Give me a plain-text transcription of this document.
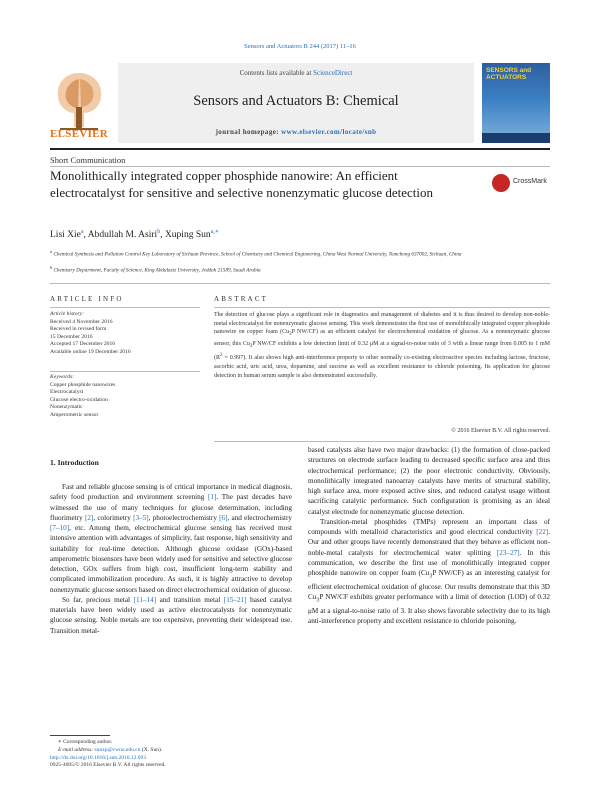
Sensors and Actuators B 244 (2017) 11–16
ELSEVIER
Contents lists available at ScienceDirect
Sensors and Actuators B: Chemical
journal homepage: www.elsevier.com/locate/snb
SENSORS and ACTUATORS
Short Communication
Monolithically integrated copper phosphide nanowire: An efficient electrocatalyst for sensitive and selective nonenzymatic glucose detection
CrossMark
Lisi Xie$^a$, Abdullah M. Asiri$^b$, Xuping Sun$^{a,∗}$
$^a$ Chemical Synthesis and Pollution Control Key Laboratory of Sichuan Province, School of Chemistry and Chemical Engineering, China West Normal University, Nanchong 637002, Sichuan, China
$^b$ Chemistry Department, Faculty of Science, King Abdulaziz University, Jeddah 21589, Saudi Arabia
ARTICLE INFO	ABSTRACT
Article history:
Received 4 November 2016
Received in revised form
15 December 2016
Accepted 17 December 2016
Available online 19 December 2016
Keywords:
Copper phosphide nanowires
Electrocatalyst
Glucose electro-oxidation
Nonenzymatic
Amperometric sensor
The detection of glucose plays a significant role in diagnostics and management of diabetes and it is thus desired to develop non-noble-metal electrocatalyst for nonenzymatic glucose sensing. This work demonstrates the first use of monolithically integrated copper phosphide nanowire on copper foam ($Cu_3P$ NW/CF) as an efficient catalyst for electrochemical oxidation of glucose. As a nonenzymatic glucose sensor, this $Cu_3P$ NW/CF exhibits a low detection limit of 0.32 μM at a signal-to-noise ratio of 3 with a linear range from 0.005 to 1 mM $(R^2 = 0.997)$. It also shows high anti-interference property to other normally co-existing electroactive species including lactose, fructose, ascorbic acid, uric acid, urea, dopamine, and sucorse as well as excellent resistance to chloride poisoning. Its application for glucose detection in human serum sample is also demonstrated successfully.
© 2016 Elsevier B.V. All rights reserved.

1. Introduction

Fast and reliable glucose sensing is of critical importance in medical diagnosis, safety food production and environment screening [1]. The past decades have witnessed the use of many techniques for glucose determination, including fluorimetry [2], colorimetry [3–5], photoelectrochemistry [6], and electrochemistry [7–10], etc. Among them, electrochemical glucose sensing has received most intensive attention with advantages of simplicity, fast response, high sensitivity and suitability for real-time detection. Although glucose oxidase (GOx)-based amperometric biosensors have been widely used for sensitive and selective glucose detection, GOx suffers from high cost, insufficient long-term stability and complicated immobilization procedure. As such, it is highly attractive to develop nonenzymatic glucose sensors based on direct electrochemical oxidation of glucose.

So far, precious metal [11–14] and transition metal [15–21] based catalyst materials have been widely used as active electrocatalysts for nonenzymatic glucose sensing. Noble metals are too expensive, preventing their widespread use. Transition metal-

based catalysts also have two major drawbacks: (1) the formation of close-packed structures on electrode surface leading to decreased specific surface area and thus electrochemical performance; (2) the poor electronic conductivity. Obviously, monolithically integrated nanoarray catalysts have merits of structural stability, high surface area, more exposed active sites, and reduced catalyst usage without sacrificing catalytic performance. Such configuration is promising as an ideal catalyst electrode for nonenzymatic glucose detection.

Transition-metal phosphides (TMPs) represent an important class of compounds with metalloid characteristics and good electrical conductivity [22]. Our and other groups have recently demonstrated that they behave as efficient non-noble-metal catalysts for electrochemical water splitting [23–27]. In this communication, we describe the first use of monolithically integrated copper phosphide nanowire on copper foam ($Cu_3P$ NW/CF) as an interesting catalyst for efficient electrochemical oxidation of glucose. Our results demonstrate that this 3D $Cu_3P$ NW/CF exhibits greater performance with a limit of detection (LOD) of 0.32 μM at a signal-to-noise ratio of 3. It also shows favorable selectivity due to its high anti-interference property and excellent resistance to chloride poisoning.

∗ Corresponding author.
E-mail address: sunxp@cwnu.edu.cn (X. Sun).
http://dx.doi.org/10.1016/j.snb.2016.12.093
0925-4005/© 2016 Elsevier B.V. All rights reserved.
